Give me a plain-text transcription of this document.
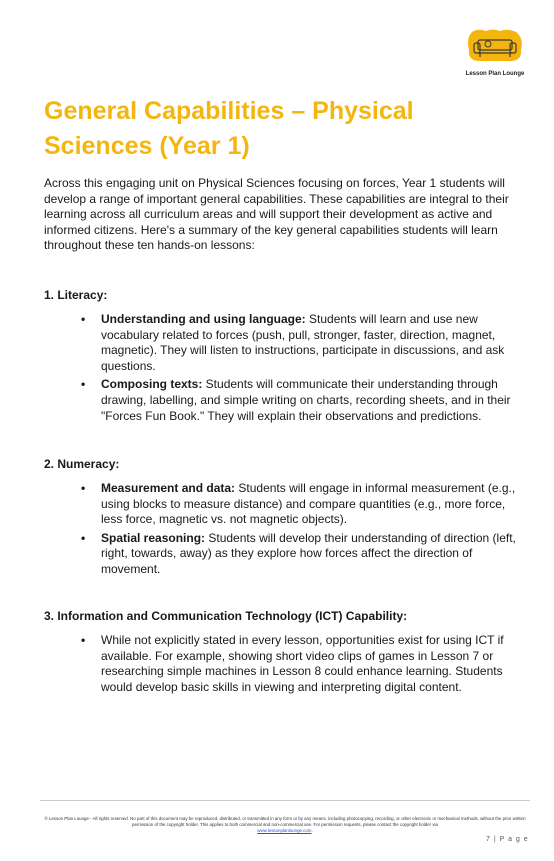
Lesson Plan Lounge
General Capabilities – Physical Sciences (Year 1)

Across this engaging unit on Physical Sciences focusing on forces, Year 1 students will develop a range of important general capabilities. These capabilities are integral to their learning across all curriculum areas and will support their development as active and informed citizens. Here's a summary of the key general capabilities students will learn throughout these ten hands-on lessons:

1. Literacy:
• Understanding and using language: Students will learn and use new vocabulary related to forces (push, pull, stronger, faster, direction, magnet, magnetic). They will listen to instructions, participate in discussions, and ask questions.
• Composing texts: Students will communicate their understanding through drawing, labelling, and simple writing on charts, recording sheets, and in their "Forces Fun Book." They will explain their observations and predictions.
2. Numeracy:
• Measurement and data: Students will engage in informal measurement (e.g., using blocks to measure distance) and compare quantities (e.g., more force, less force, magnetic vs. not magnetic objects).
• Spatial reasoning: Students will develop their understanding of direction (left, right, towards, away) as they explore how forces affect the direction of movement.
3. Information and Communication Technology (ICT) Capability:
• While not explicitly stated in every lesson, opportunities exist for using ICT if available. For example, showing short video clips of games in Lesson 7 or researching simple machines in Lesson 8 could enhance learning. Students would develop basic skills in viewing and interpreting digital content.

© Lesson Plan Lounge - All rights reserved. No part of this document may be reproduced, distributed, or transmitted in any form or by any means, including photocopying, recording, or other electronic or mechanical methods, without the prior written permission of the copyright holder. This applies to both commercial and non-commercial use. For permission requests, please contact the copyright holder via
www.lessonplanlounge.com.

7 | P a g e
